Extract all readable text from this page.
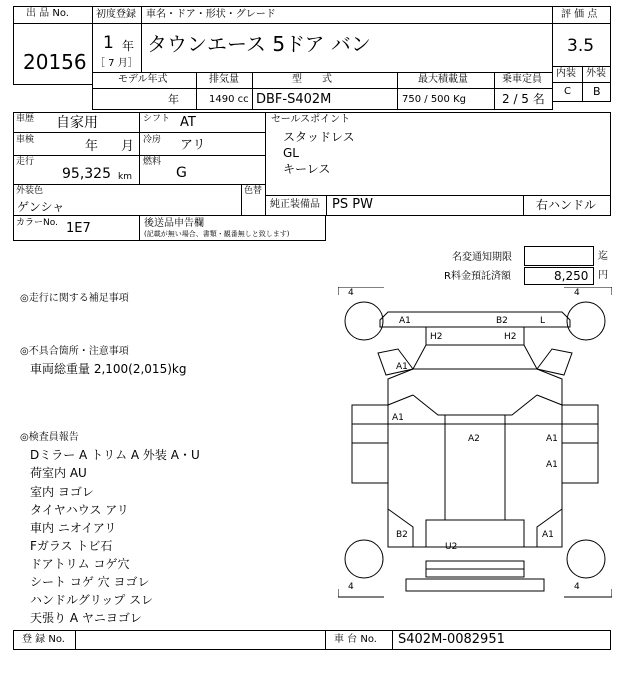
出 品 No.
20156
初度登録 車名・ドア・形状・グレード
1 年
［ 7 月］
タウンエース 5ドア バン
評 価 点
3.5
内装 外装
C B
モデル年式	排気量	型　　式	最大積載量	乗車定員
年	1490 cc DBF-S402M	750 / 500 Kg	2 / 5 名
車歴 自家用	シフト AT
車検	年 月 冷房 アリ
走行
95,325 km
燃料
G
外装色
ゲンシャ
色替
カラーNo. 1E7	後送品申告欄
(記載が無い場合、書類・観番無しと致します)
セールスポイント
スタッドレス
GL
キーレス
純正装備品 PS PW	右ハンドル
名変通知期限	迄
R料金預託済額	8,250 円
◎走行に関する補足事項
◎不具合箇所・注意事項
車両総重量 2,100(2,015)kg
◎検査員報告
Dミラー A トリム A 外装 A・U
荷室内 AU
室内 ヨゴレ
タイヤハウス アリ
車内 ニオイアリ
Fガラス トビ石
ドアトリム コゲ穴
シート コゲ 穴 ヨゴレ
ハンドルグリップ スレ
天張り A ヤニヨゴレ
A1	B2	L
H2	H2
A1
A1
A2	A1
A1
B2
U2
A1
4	4
4	4
登 録 No.	車 台 No. S402M-0082951
